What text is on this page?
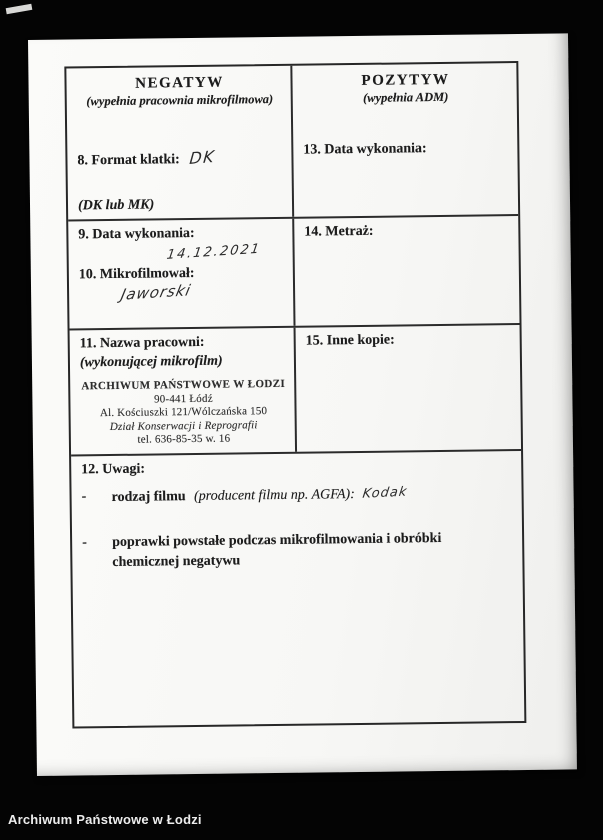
NEGATYW
(wypełnia pracownia mikrofilmowa)
8. Format klatki: DK
(DK lub MK)
POZYTYW
(wypełnia ADM)
13. Data wykonania:
9. Data wykonania:
14.12.2021
10. Mikrofilmował:
Jaworski
14. Metraż:
11. Nazwa pracowni:
(wykonującej mikrofilm)
ARCHIWUM PAŃSTWOWE W ŁODZI
90-441 Łódź
Al. Kościuszki 121/Wólczańska 150
Dział Konserwacji i Reprografii
tel. 636-85-35 w. 16
15. Inne kopie:
12. Uwagi:
-	rodzaj filmu (producent filmu np. AGFA): Kodak
-	poprawki powstałe podczas mikrofilmowania i obróbki
chemicznej negatywu
Archiwum Państwowe w Łodzi
